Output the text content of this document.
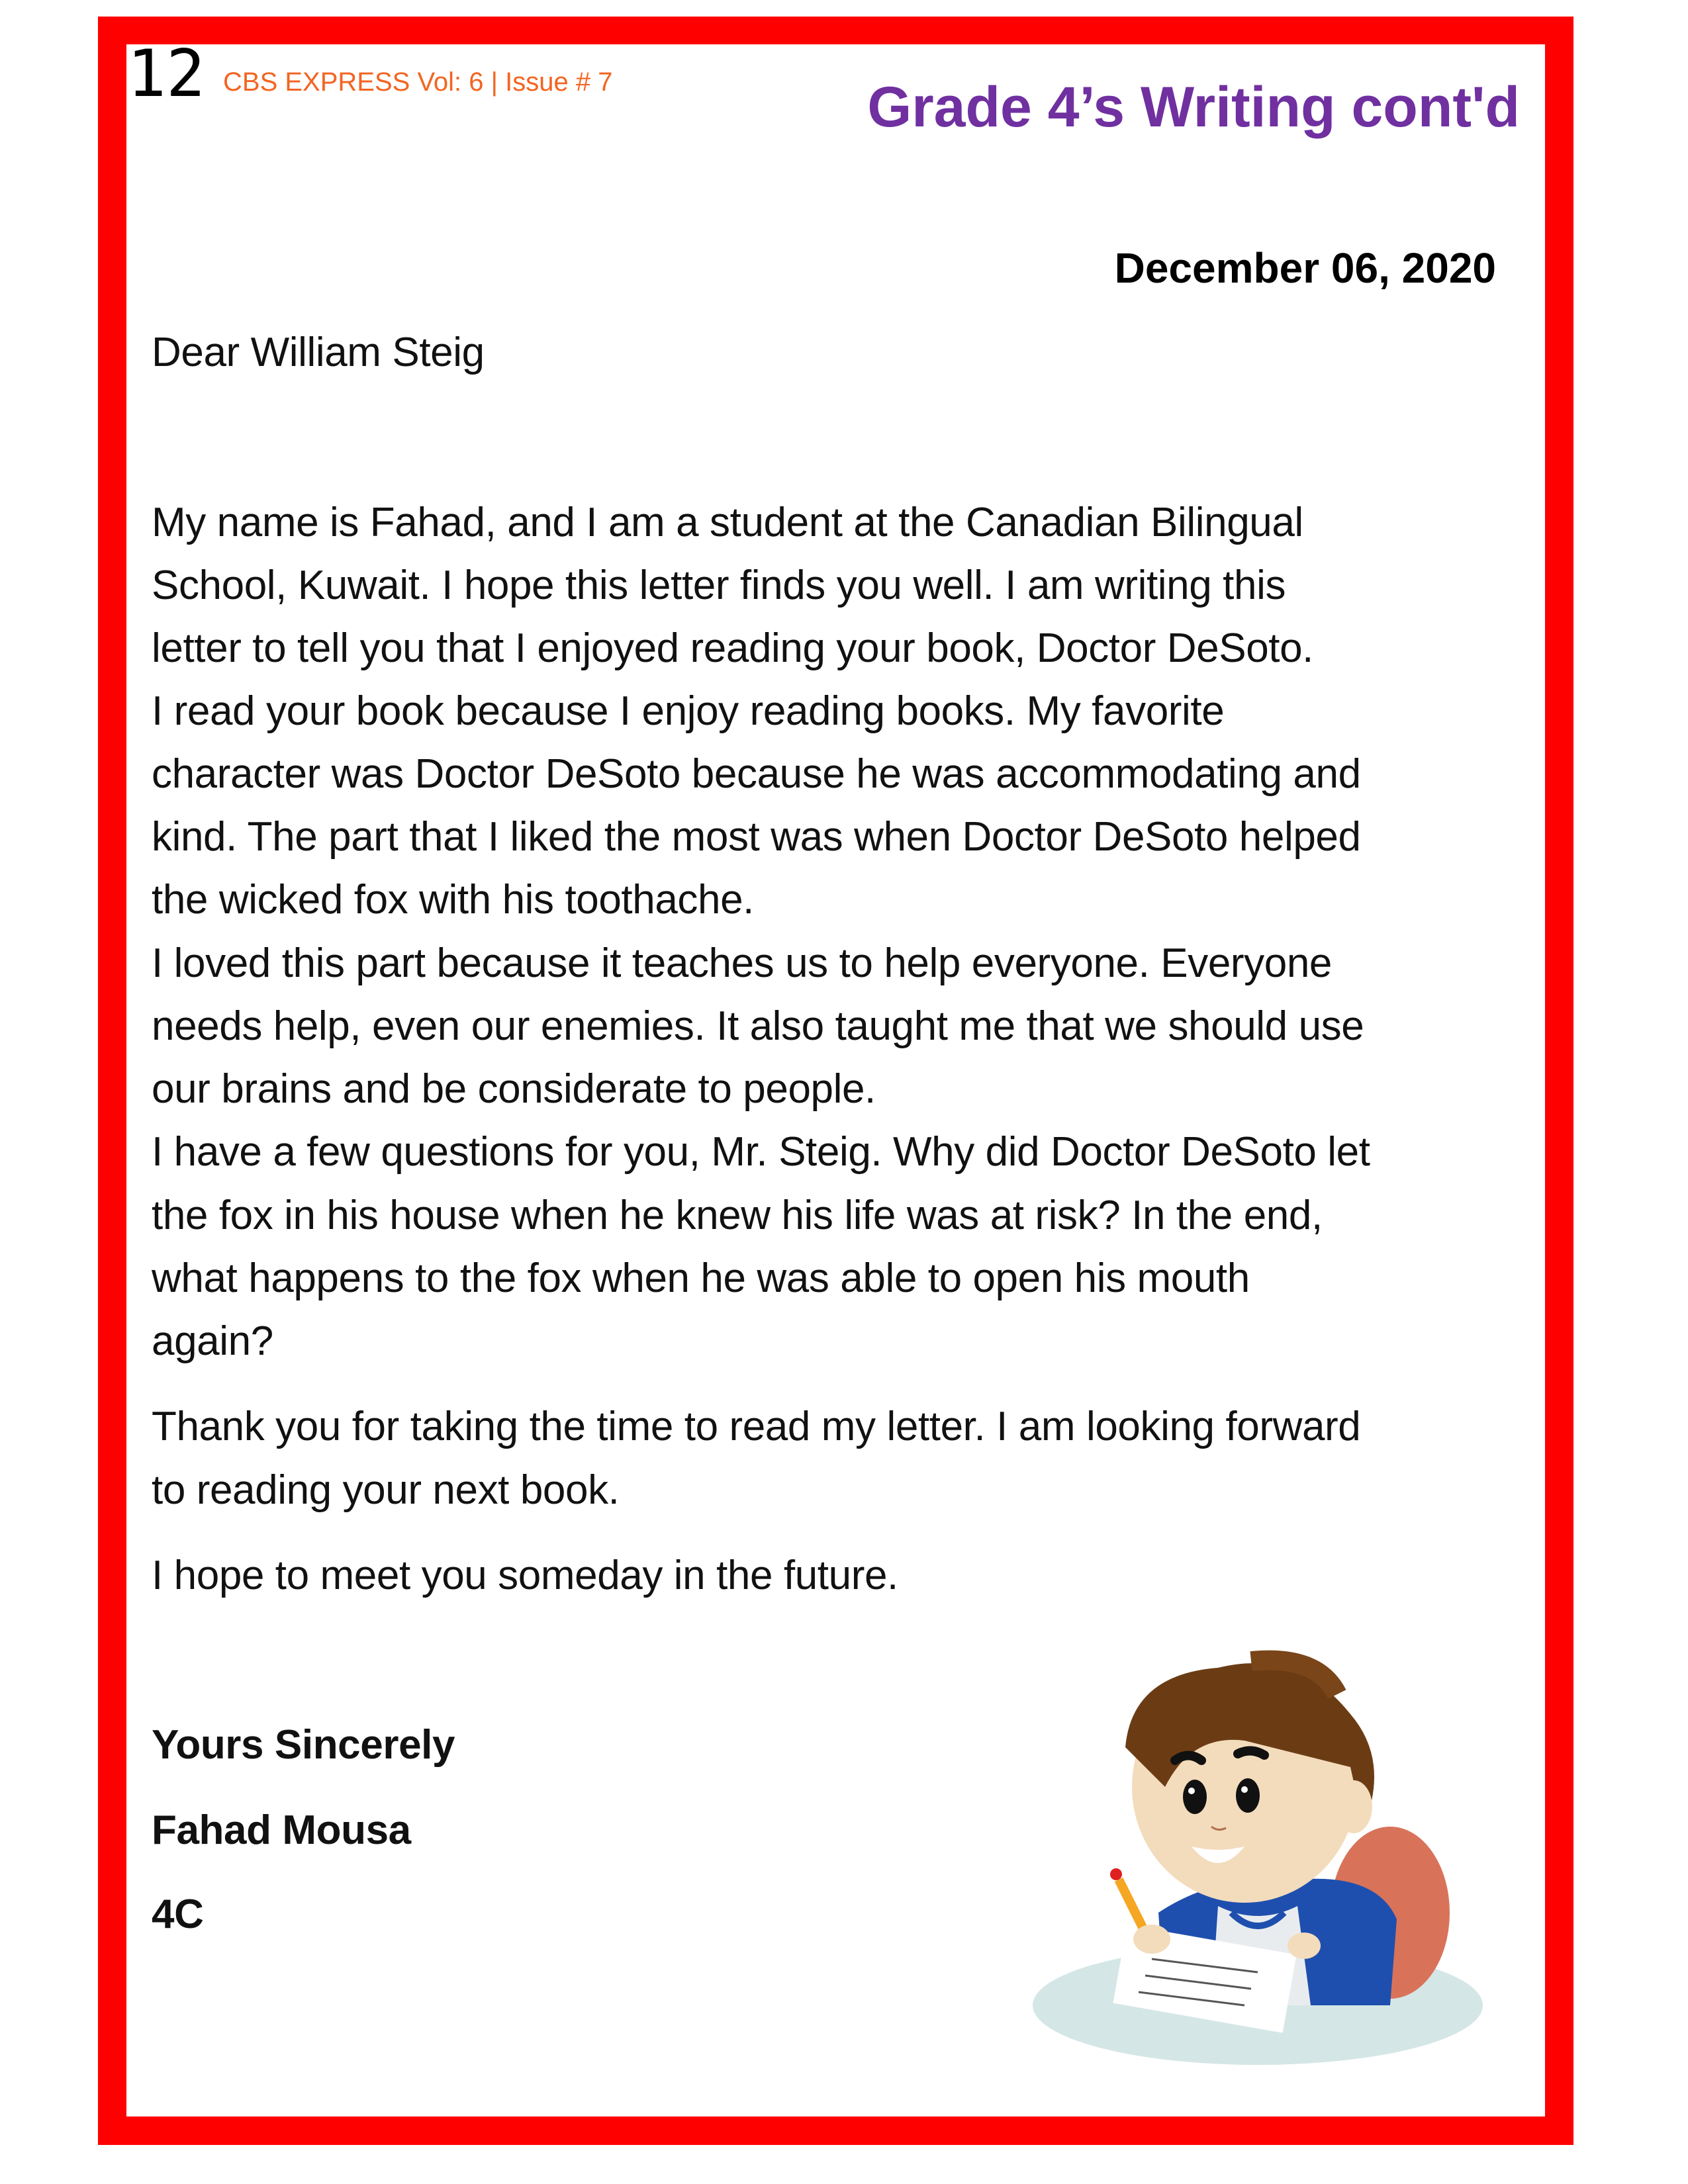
12 CBS EXPRESS Vol: 6 | Issue # 7	Grade 4’s Writing cont'd
December 06, 2020
Dear William Steig
My name is Fahad, and I am a student at the Canadian Bilingual
School, Kuwait. I hope this letter finds you well. I am writing this
letter to tell you that I enjoyed reading your book, Doctor DeSoto.
I read your book because I enjoy reading books. My favorite
character was Doctor DeSoto because he was accommodating and
kind. The part that I liked the most was when Doctor DeSoto helped
the wicked fox with his toothache.
I loved this part because it teaches us to help everyone. Everyone
needs help, even our enemies. It also taught me that we should use
our brains and be considerate to people.
I have a few questions for you, Mr. Steig. Why did Doctor DeSoto let
the fox in his house when he knew his life was at risk? In the end,
what happens to the fox when he was able to open his mouth
again?
Thank you for taking the time to read my letter. I am looking forward
to reading your next book.
I hope to meet you someday in the future.
Yours Sincerely
Fahad Mousa
4C
